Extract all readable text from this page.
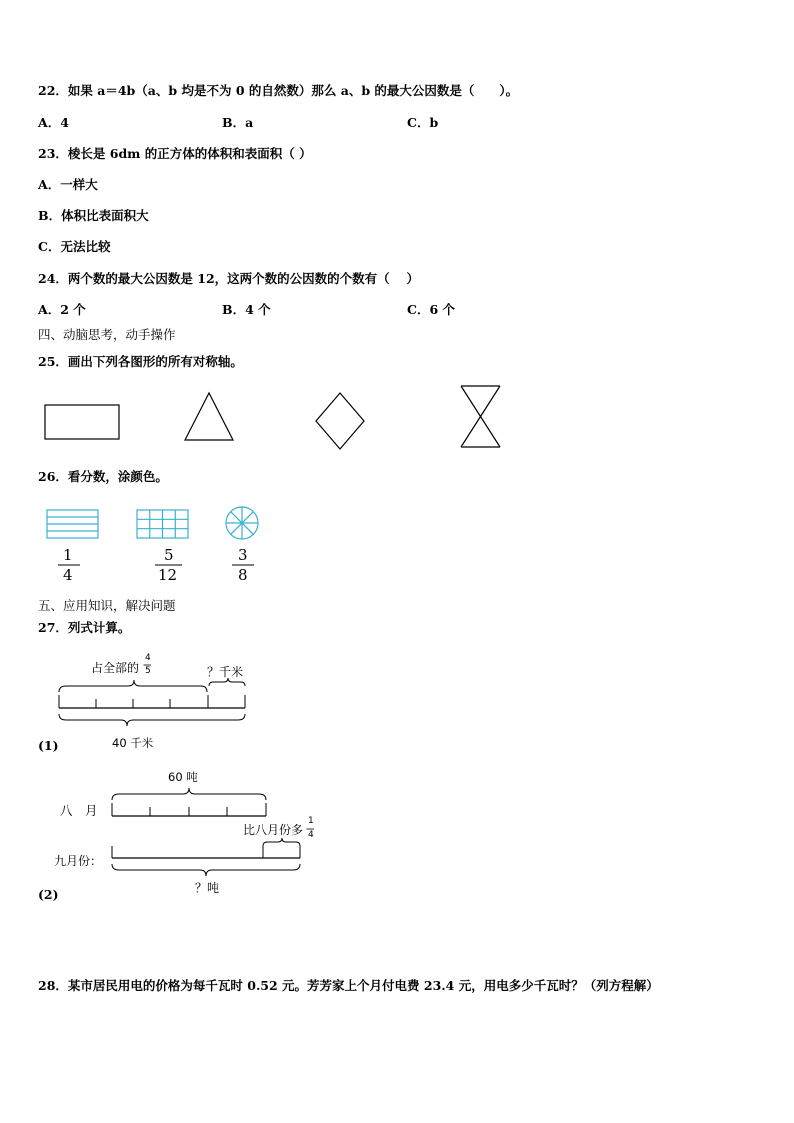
22．如果 a＝4b（a、b 均是不为 0 的自然数）那么 a、b 的最大公因数是（　　）。
A．4	B．a	C．b
23．棱长是 6dm 的正方体的体积和表面积（ ）
A．一样大
B．体积比表面积大
C．无法比较
24．两个数的最大公因数是 12，这两个数的公因数的个数有（　 ）
A．2 个	B．4 个	C．6 个
四、动脑思考，动手操作
25．画出下列各图形的所有对称轴。
26．看分数，涂颜色。
1
4
5
12
3
8
五、应用知识，解决问题
27．列式计算。
占全部的
4
5	？千米
40 千米
(1)
60 吨
八　月
比八月份多
1
4
九月份：
？吨
(2)
28．某市居民用电的价格为每千瓦时 0.52 元。芳芳家上个月付电费 23.4 元，用电多少千瓦时？（列方程解）
